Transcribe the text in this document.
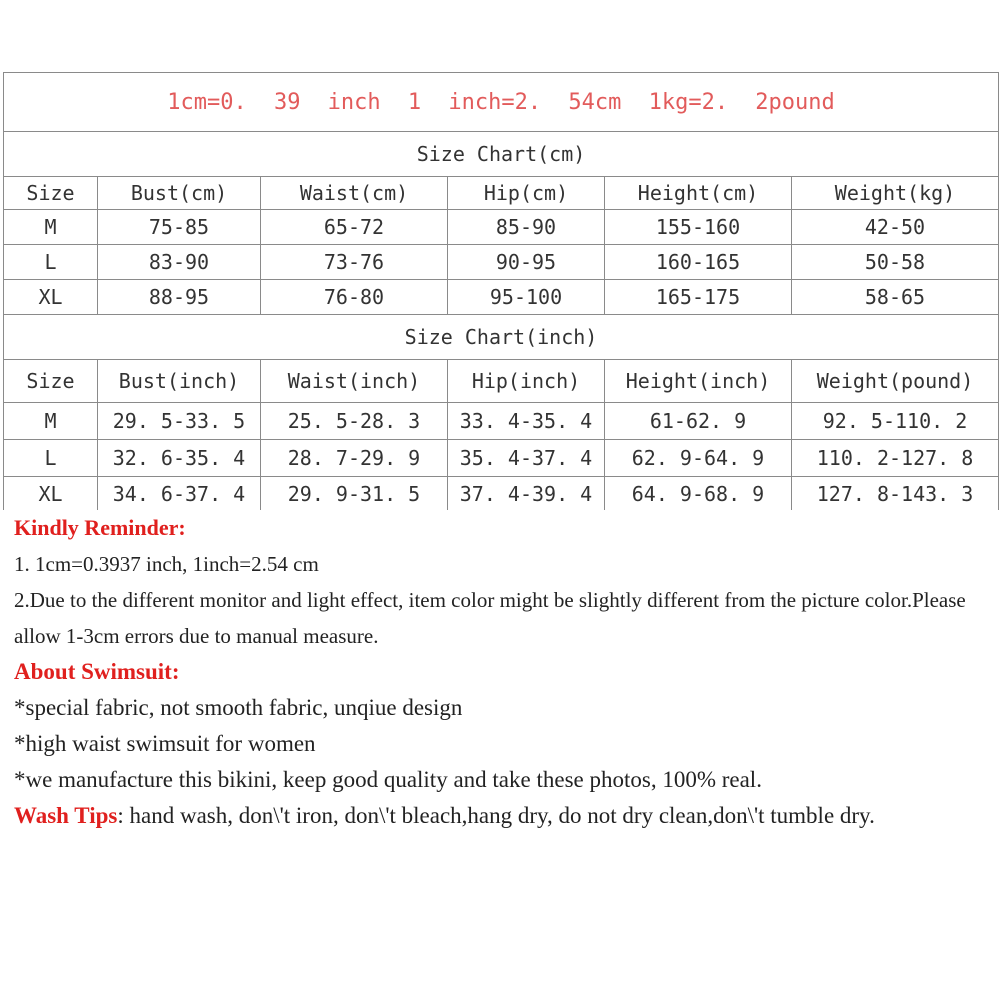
1cm=0. 39 inch 1 inch=2. 54cm 1kg=2. 2pound					
Size Chart(cm)					
Size	Bust(cm)	Waist(cm)	Hip(cm)	Height(cm)	Weight(kg)
M	75-85	65-72	85-90	155-160	42-50
L	83-90	73-76	90-95	160-165	50-58
XL	88-95	76-80	95-100	165-175	58-65
Size Chart(inch)					
Size	Bust(inch)	Waist(inch)	Hip(inch)	Height(inch)	Weight(pound)
M	29. 5-33. 5	25. 5-28. 3	33. 4-35. 4	61-62. 9	92. 5-110. 2
L	32. 6-35. 4	28. 7-29. 9	35. 4-37. 4	62. 9-64. 9	110. 2-127. 8
XL	34. 6-37. 4	29. 9-31. 5	37. 4-39. 4	64. 9-68. 9	127. 8-143. 3
Kindly Reminder:
1. 1cm=0.3937 inch, 1inch=2.54 cm
2.Due to the different monitor and light effect, item color might be slightly different from the picture color.Please allow 1-3cm errors due to manual measure.
About Swimsuit:
*special fabric, not smooth fabric, unqiue design
*high waist swimsuit for women
*we manufacture this bikini, keep good quality and take these photos, 100% real.
Wash Tips: hand wash, don\'t iron, don\'t bleach,hang dry, do not dry clean,don\'t tumble dry.
